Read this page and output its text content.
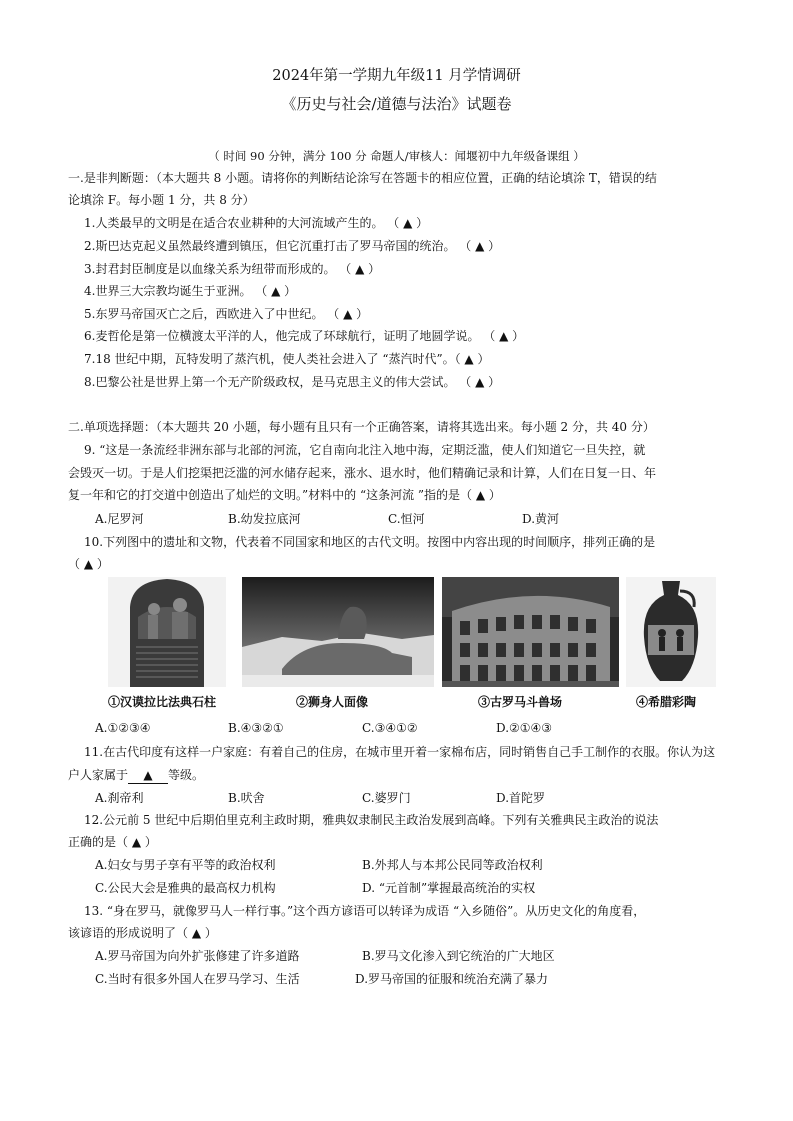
2024年第一学期九年级11 月学情调研
《历史与社会/道德与法治》试题卷
（ 时间 90 分钟，满分 100 分 命题人/审核人：闻堰初中九年级备课组 ）
一.是非判断题：（本大题共 8 小题。请将你的判断结论涂写在答题卡的相应位置，正确的结论填涂 T，错误的结
论填涂 F。每小题 1 分，共 8 分）
1.人类最早的文明是在适合农业耕种的大河流域产生的。 （ ▲ ）
2.斯巴达克起义虽然最终遭到镇压，但它沉重打击了罗马帝国的统治。 （ ▲ ）
3.封君封臣制度是以血缘关系为纽带而形成的。 （ ▲ ）
4.世界三大宗教均诞生于亚洲。 （ ▲ ）
5.东罗马帝国灭亡之后，西欧进入了中世纪。 （ ▲ ）
6.麦哲伦是第一位横渡太平洋的人，他完成了环球航行，证明了地圆学说。 （ ▲ ）
7.18 世纪中期，瓦特发明了蒸汽机，使人类社会进入了 “蒸汽时代”。（ ▲ ）
8.巴黎公社是世界上第一个无产阶级政权，是马克思主义的伟大尝试。 （ ▲ ）
二.单项选择题：（本大题共 20 小题，每小题有且只有一个正确答案，请将其选出来。每小题 2 分，共 40 分）
9. “这是一条流经非洲东部与北部的河流，它自南向北注入地中海，定期泛滥，使人们知道它一旦失控，就
会毁灭一切。于是人们挖渠把泛滥的河水储存起来，涨水、退水时，他们精确记录和计算，人们在日复一日、年
复一年和它的打交道中创造出了灿烂的文明。”材料中的 “这条河流 ”指的是（ ▲ ）
A.尼罗河	B.幼发拉底河	C.恒河	D.黄河
10.下列图中的遗址和文物，代表着不同国家和地区的古代文明。按图中内容出现的时间顺序，排列正确的是
（ ▲ ）
①汉谟拉比法典石柱	②狮身人面像	③古罗马斗兽场	④希腊彩陶
A.①②③④	B.④③②①	C.③④①②	D.②①④③
11.在古代印度有这样一户家庭：有着自己的住房，在城市里开着一家棉布店，同时销售自己手工制作的衣服。你认为这
户人家属于 ▲ 等级。
A.刹帝利	B.吠舍	C.婆罗门	D.首陀罗
12.公元前 5 世纪中后期伯里克利主政时期，雅典奴隶制民主政治发展到高峰。下列有关雅典民主政治的说法
正确的是（ ▲ ）
A.妇女与男子享有平等的政治权利	B.外邦人与本邦公民同等政治权利
C.公民大会是雅典的最高权力机构	D. “元首制”掌握最高统治的实权
13. “身在罗马，就像罗马人一样行事。”这个西方谚语可以转译为成语 “入乡随俗”。从历史文化的角度看，
该谚语的形成说明了（ ▲ ）
A.罗马帝国为向外扩张修建了许多道路	B.罗马文化渗入到它统治的广大地区
C.当时有很多外国人在罗马学习、生活	D.罗马帝国的征服和统治充满了暴力
